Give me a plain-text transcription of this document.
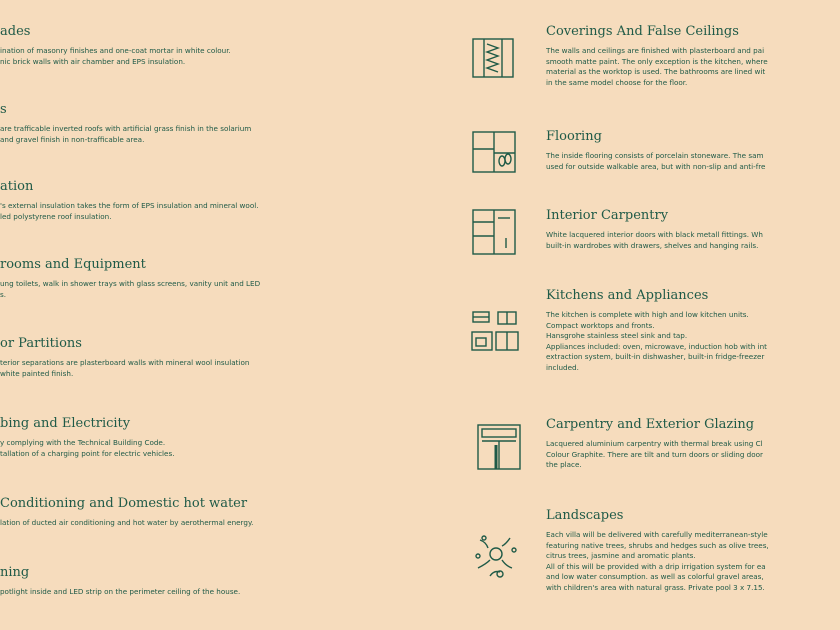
ades
ination of masonry finishes and one-coat mortar in white colour.
nic brick walls with air chamber and EPS insulation.
s
are trafficable inverted roofs with artificial grass finish in the solarium
and gravel finish in non-trafficable area.
ation
's external insulation takes the form of EPS insulation and mineral wool.
led polystyrene roof insulation.
rooms and Equipment
ung toilets, walk in shower trays with glass screens, vanity unit and LED
s.
or Partitions
terior separations are plasterboard walls with mineral wool insulation
white painted finish.
bing and Electricity
y complying with the Technical Building Code.
tallation of a charging point for electric vehicles.
Conditioning and Domestic hot water
lation of ducted air conditioning and hot water by aerothermal energy.
ning
potlight inside and LED strip on the perimeter ceiling of the house.
Coverings And False Ceilings
The walls and ceilings are finished with plasterboard and pai
smooth matte paint. The only exception is the kitchen, where
material as the worktop is used. The bathrooms are lined wit
in the same model choose for the floor.
Flooring
The inside flooring consists of porcelain stoneware. The sam
used for outside walkable area, but with non-slip and anti-fre
Interior Carpentry
White lacquered interior doors with black metall fittings. Wh
built-in wardrobes with drawers, shelves and hanging rails.
Kitchens and Appliances
The kitchen is complete with high and low kitchen units.
Compact worktops and fronts.
Hansgrohe stainless steel sink and tap.
Appliances included: oven, microwave, induction hob with int
extraction system, built-in dishwasher, built-in fridge-freezer
included.
Carpentry and Exterior Glazing
Lacquered aluminium carpentry with thermal break using Cl
Colour Graphite. There are tilt and turn doors or sliding door
the place.
Landscapes
Each villa will be delivered with carefully mediterranean-style
featuring native trees, shrubs and hedges such as olive trees,
citrus trees, jasmine and aromatic plants.
All of this will be provided with a drip irrigation system for ea
and low water consumption. as well as colorful gravel areas,
with children's area with natural grass. Private pool 3 x 7.15.
